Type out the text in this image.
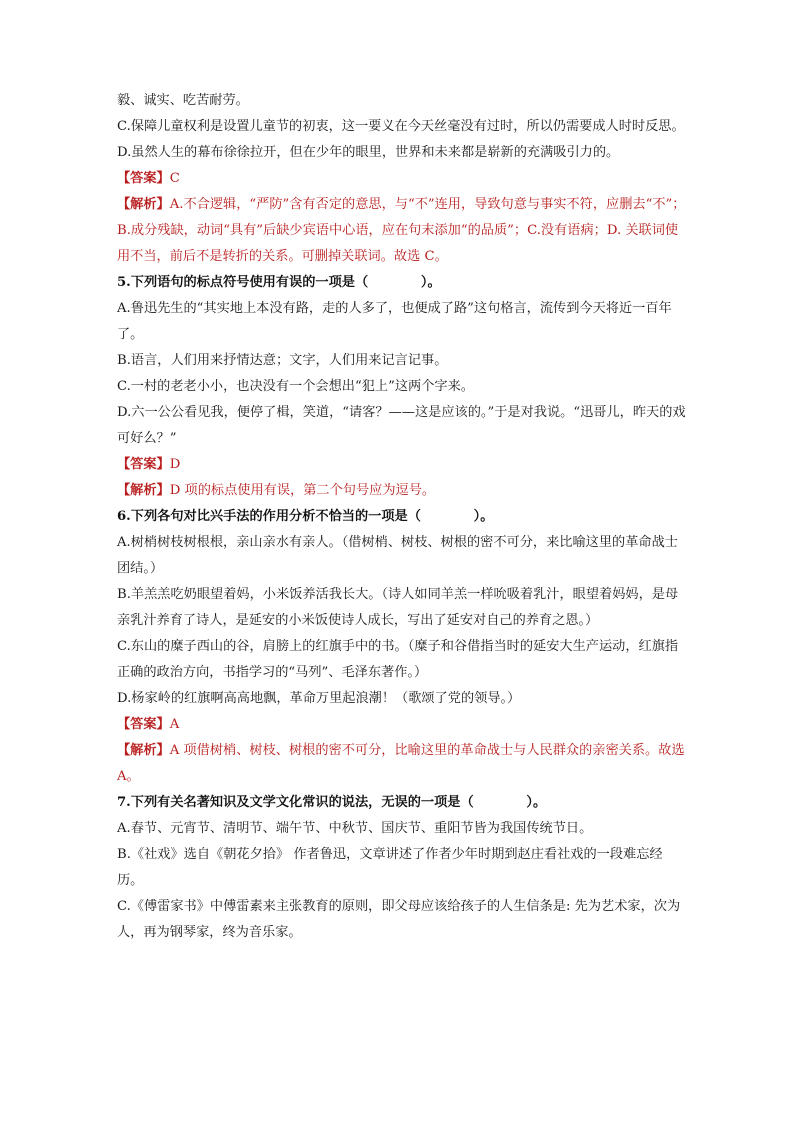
毅、诚实、吃苦耐劳。

C.保障儿童权利是设置儿童节的初衷，这一要义在今天丝毫没有过时，所以仍需要成人时时反思。

D.虽然人生的幕布徐徐拉开，但在少年的眼里，世界和未来都是崭新的充满吸引力的。

【答案】C

【解析】A.不合逻辑，“严防”含有否定的意思，与“不”连用，导致句意与事实不符，应删去“不”；B.成分残缺，动词“具有”后缺少宾语中心语，应在句末添加“的品质”；C.没有语病；D. 关联词使用不当，前后不是转折的关系。可删掉关联词。故选 C。

5.下列语句的标点符号使用有误的一项是（　　　　）。

A.鲁迅先生的“其实地上本没有路，走的人多了，也便成了路”这句格言，流传到今天将近一百年了。

B.语言，人们用来抒情达意；文字，人们用来记言记事。

C.一村的老老小小，也决没有一个会想出“犯上”这两个字来。

D.六一公公看见我，便停了楫，笑道，“请客？——这是应该的。”于是对我说。“迅哥儿，昨天的戏可好么？”

【答案】D

【解析】D 项的标点使用有误，第二个句号应为逗号。

6.下列各句对比兴手法的作用分析不恰当的一项是（　　　　）。

A.树梢树枝树根根，亲山亲水有亲人。（借树梢、树枝、树根的密不可分，来比喻这里的革命战士团结。）

B.羊羔羔吃奶眼望着妈，小米饭养活我长大。（诗人如同羊羔一样吮吸着乳汁，眼望着妈妈，是母亲乳汁养育了诗人，是延安的小米饭使诗人成长，写出了延安对自己的养育之恩。）

C.东山的糜子西山的谷，肩膀上的红旗手中的书。（糜子和谷借指当时的延安大生产运动，红旗指正确的政治方向，书指学习的“马列”、毛泽东著作。）

D.杨家岭的红旗啊高高地飘，革命万里起浪潮！（歌颂了党的领导。）

【答案】A

【解析】A 项借树梢、树枝、树根的密不可分，比喻这里的革命战士与人民群众的亲密关系。故选 A。

7.下列有关名著知识及文学文化常识的说法，无误的一项是（　　　　）。

A.春节、元宵节、清明节、端午节、中秋节、国庆节、重阳节皆为我国传统节日。

B.《社戏》选自《朝花夕拾》 作者鲁迅，文章讲述了作者少年时期到赵庄看社戏的一段难忘经历。

C.《傅雷家书》中傅雷素来主张教育的原则，即父母应该给孩子的人生信条是: 先为艺术家，次为人，再为钢琴家，终为音乐家。
